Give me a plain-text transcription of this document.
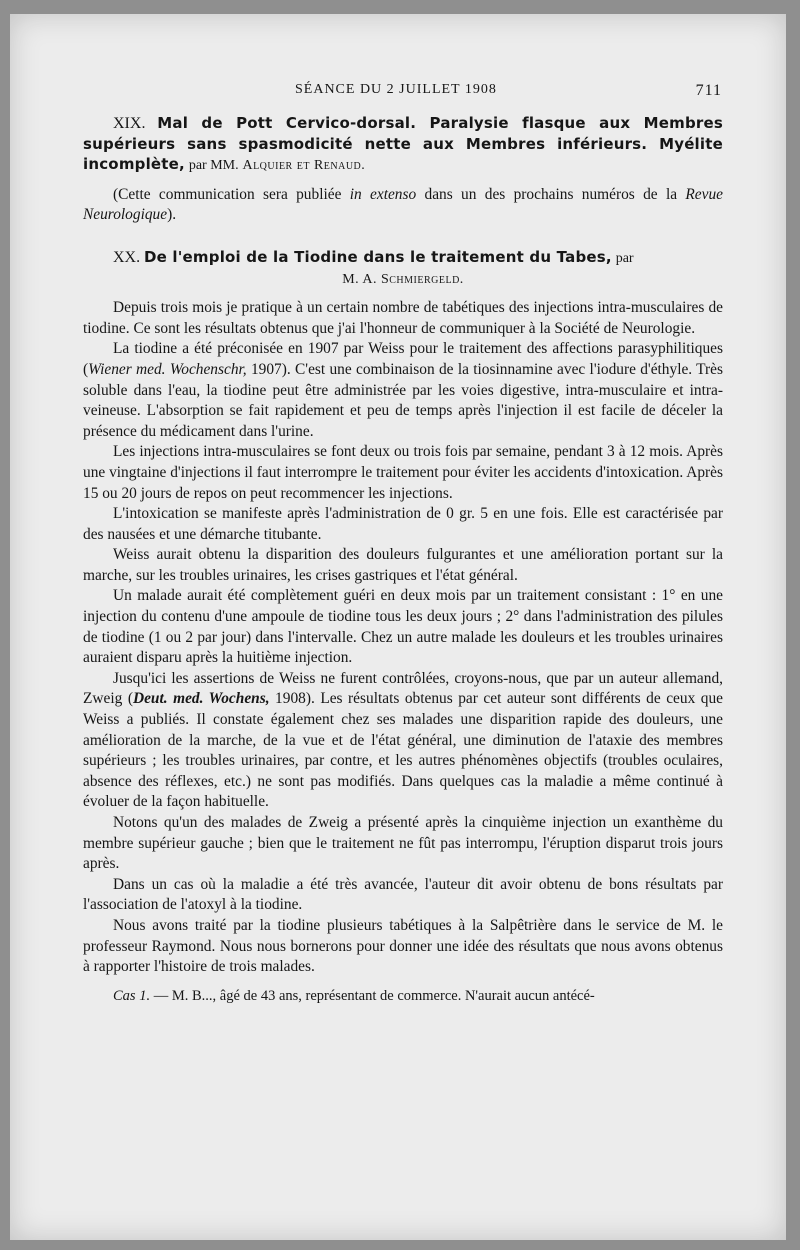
SÉANCE DU 2 JUILLET 1908	711

XIX. Mal de Pott Cervico-dorsal. Paralysie flasque aux Membres supérieurs sans spasmodicité nette aux Membres inférieurs. Myélite incomplète, par MM. Alquier et Renaud.

(Cette communication sera publiée in extenso dans un des prochains numéros de la Revue Neurologique).

XX. De l'emploi de la Tiodine dans le traitement du Tabes, par

M. A. Schmiergeld.

Depuis trois mois je pratique à un certain nombre de tabétiques des injections intra-musculaires de tiodine. Ce sont les résultats obtenus que j'ai l'honneur de communiquer à la Société de Neurologie.

La tiodine a été préconisée en 1907 par Weiss pour le traitement des affections parasyphilitiques (Wiener med. Wochenschr, 1907). C'est une combinaison de la tiosinnamine avec l'iodure d'éthyle. Très soluble dans l'eau, la tiodine peut être administrée par les voies digestive, intra-musculaire et intra-veineuse. L'absorption se fait rapidement et peu de temps après l'injection il est facile de déceler la présence du médicament dans l'urine.

Les injections intra-musculaires se font deux ou trois fois par semaine, pendant 3 à 12 mois. Après une vingtaine d'injections il faut interrompre le traitement pour éviter les accidents d'intoxication. Après 15 ou 20 jours de repos on peut recommencer les injections.

L'intoxication se manifeste après l'administration de 0 gr. 5 en une fois. Elle est caractérisée par des nausées et une démarche titubante.

Weiss aurait obtenu la disparition des douleurs fulgurantes et une amélioration portant sur la marche, sur les troubles urinaires, les crises gastriques et l'état général.

Un malade aurait été complètement guéri en deux mois par un traitement consistant : 1° en une injection du contenu d'une ampoule de tiodine tous les deux jours ; 2° dans l'administration des pilules de tiodine (1 ou 2 par jour) dans l'intervalle. Chez un autre malade les douleurs et les troubles urinaires auraient disparu après la huitième injection.

Jusqu'ici les assertions de Weiss ne furent contrôlées, croyons-nous, que par un auteur allemand, Zweig (Deut. med. Wochens, 1908). Les résultats obtenus par cet auteur sont différents de ceux que Weiss a publiés. Il constate également chez ses malades une disparition rapide des douleurs, une amélioration de la marche, de la vue et de l'état général, une diminution de l'ataxie des membres supérieurs ; les troubles urinaires, par contre, et les autres phénomènes objectifs (troubles oculaires, absence des réflexes, etc.) ne sont pas modifiés. Dans quelques cas la maladie a même continué à évoluer de la façon habituelle.

Notons qu'un des malades de Zweig a présenté après la cinquième injection un exanthème du membre supérieur gauche ; bien que le traitement ne fût pas interrompu, l'éruption disparut trois jours après.

Dans un cas où la maladie a été très avancée, l'auteur dit avoir obtenu de bons résultats par l'association de l'atoxyl à la tiodine.

Nous avons traité par la tiodine plusieurs tabétiques à la Salpêtrière dans le service de M. le professeur Raymond. Nous nous bornerons pour donner une idée des résultats que nous avons obtenus à rapporter l'histoire de trois malades.

Cas 1. — M. B..., âgé de 43 ans, représentant de commerce. N'aurait aucun antécé-
